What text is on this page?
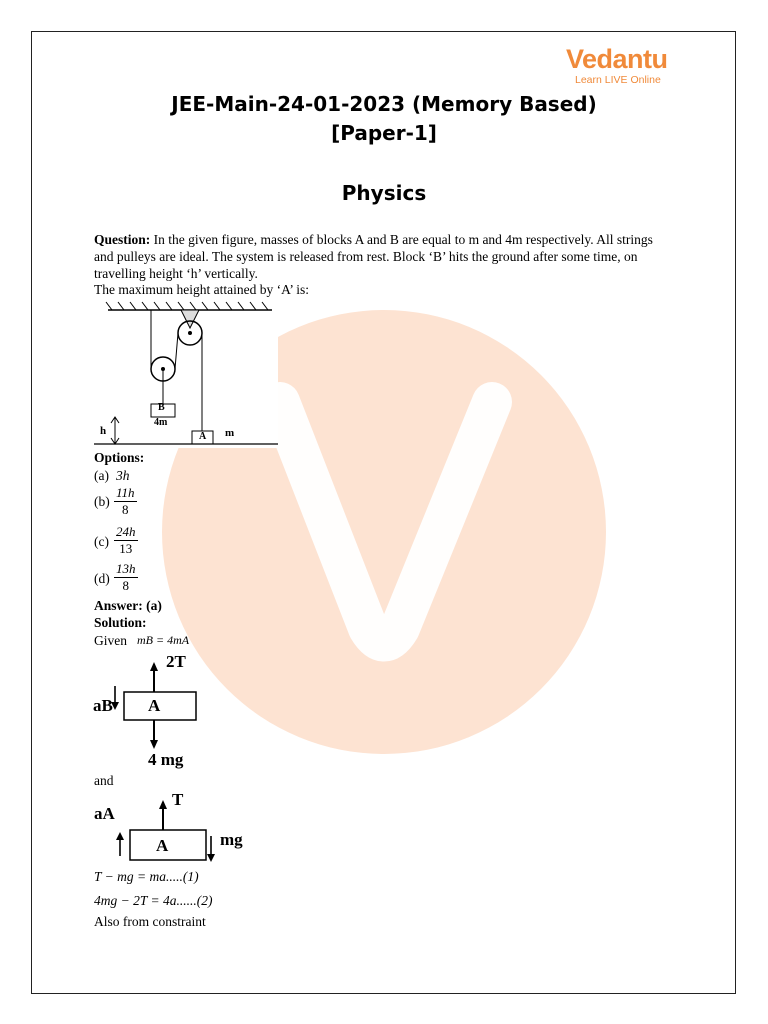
Vedantu
Learn LIVE Online
JEE-Main-24-01-2023 (Memory Based)
[Paper-1]
Physics
Question: In the given figure, masses of blocks A and B are equal to m and 4m respectively. All strings and pulleys are ideal. The system is released from rest. Block ‘B’ hits the ground after some time, on travelling height ‘h’ vertically.
The maximum height attained by ‘A’ is:
B
4m
A m
h
Options:
(a) 3h
$(b) \frac{11h}{8}$
$(c) \frac{24h}{13}$
$(d) \frac{13h}{8}$
Answer: (a)
Solution:
Given mB = 4mA
2T
A
4 mg
aB
and
T
A	mg
aA
T − mg = ma.....(1)
4mg − 2T = 4a......(2)
Also from constraint
